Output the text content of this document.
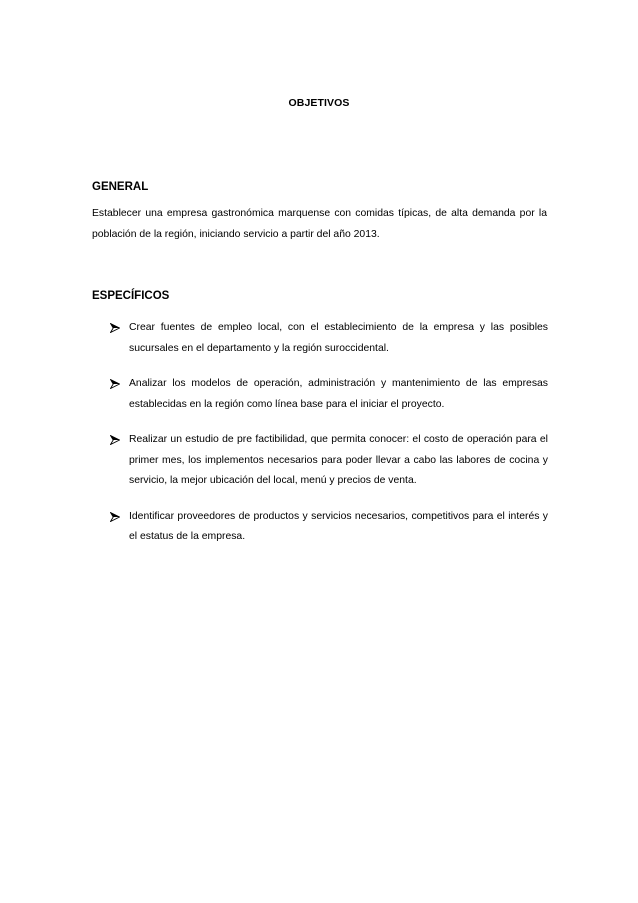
OBJETIVOS
GENERAL
Establecer una empresa gastronómica marquense con comidas típicas, de alta demanda por la población de la región, iniciando servicio a partir del año 2013.
ESPECÍFICOS
Crear fuentes de empleo local, con el establecimiento de la empresa y las posibles sucursales en el departamento y la región suroccidental.
Analizar los modelos de operación, administración y mantenimiento de las empresas establecidas en la región como línea base para el iniciar el proyecto.
Realizar un estudio de pre factibilidad, que permita conocer: el costo de operación para el primer mes, los implementos necesarios para poder llevar a cabo las labores de cocina y servicio, la mejor ubicación del local, menú y precios de venta.
Identificar proveedores de productos y servicios necesarios, competitivos para el interés y el estatus de la empresa.
